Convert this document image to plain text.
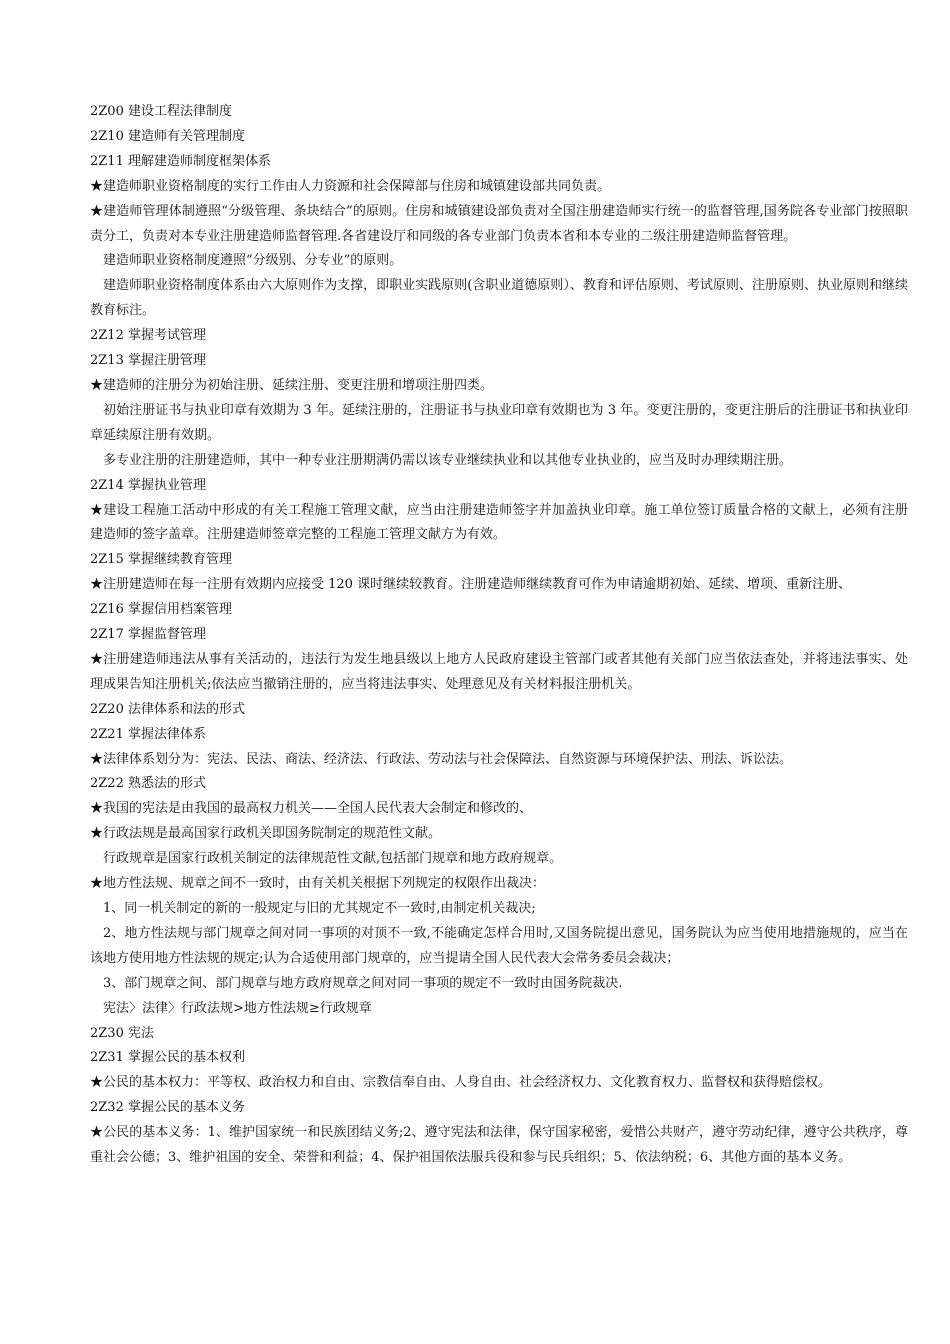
2Z00 建设工程法律制度

2Z10 建造师有关管理制度

2Z11 理解建造师制度框架体系

★建造师职业资格制度的实行工作由人力资源和社会保障部与住房和城镇建设部共同负责。

★建造师管理体制遵照“分级管理、条块结合”的原则。住房和城镇建设部负责对全国注册建造师实行统一的监督管理,国务院各专业部门按照职责分工，负责对本专业注册建造师监督管理.各省建设厅和同级的各专业部门负责本省和本专业的二级注册建造师监督管理。

建造师职业资格制度遵照“分级别、分专业”的原则。

建造师职业资格制度体系由六大原则作为支撑，即职业实践原则(含职业道德原则）、教育和评估原则、考试原则、注册原则、执业原则和继续教育标注。

2Z12 掌握考试管理

2Z13 掌握注册管理

★建造师的注册分为初始注册、延续注册、变更注册和增项注册四类。

初始注册证书与执业印章有效期为 3 年。延续注册的，注册证书与执业印章有效期也为 3 年。变更注册的，变更注册后的注册证书和执业印章延续原注册有效期。

多专业注册的注册建造师，其中一种专业注册期满仍需以该专业继续执业和以其他专业执业的，应当及时办理续期注册。

2Z14 掌握执业管理

★建设工程施工活动中形成的有关工程施工管理文献，应当由注册建造师签字并加盖执业印章。施工单位签订质量合格的文献上，必须有注册建造师的签字盖章。注册建造师签章完整的工程施工管理文献方为有效。

2Z15 掌握继续教育管理

★注册建造师在每一注册有效期内应接受 120 课时继续较教育。注册建造师继续教育可作为申请逾期初始、延续、增项、重新注册、

2Z16 掌握信用档案管理

2Z17 掌握监督管理

★注册建造师违法从事有关活动的，违法行为发生地县级以上地方人民政府建设主管部门或者其他有关部门应当依法查处，并将违法事实、处理成果告知注册机关;依法应当撤销注册的，应当将违法事实、处理意见及有关材料报注册机关。

2Z20 法律体系和法的形式

2Z21 掌握法律体系

★法律体系划分为：宪法、民法、商法、经济法、行政法、劳动法与社会保障法、自然资源与环境保护法、刑法、诉讼法。

2Z22 熟悉法的形式

★我国的宪法是由我国的最高权力机关——全国人民代表大会制定和修改的、

★行政法规是最高国家行政机关即国务院制定的规范性文献。

行政规章是国家行政机关制定的法律规范性文献,包括部门规章和地方政府规章。

★地方性法规、规章之间不一致时，由有关机关根据下列规定的权限作出裁决：

1、同一机关制定的新的一般规定与旧的尤其规定不一致时,由制定机关裁决;

2、地方性法规与部门规章之间对同一事项的对顶不一致,不能确定怎样合用时,又国务院提出意见，国务院认为应当使用地措施规的，应当在该地方使用地方性法规的规定;认为合适使用部门规章的，应当提请全国人民代表大会常务委员会裁决；

3、部门规章之间、部门规章与地方政府规章之间对同一事项的规定不一致时由国务院裁决.

宪法〉法律〉行政法规>地方性法规≥行政规章

2Z30 宪法

2Z31 掌握公民的基本权利

★公民的基本权力：平等权、政治权力和自由、宗教信奉自由、人身自由、社会经济权力、文化教育权力、监督权和获得赔偿权。

2Z32 掌握公民的基本义务

★公民的基本义务：1、维护国家统一和民族团结义务;2、遵守宪法和法律，保守国家秘密，爱惜公共财产，遵守劳动纪律，遵守公共秩序，尊重社会公德；3、维护祖国的安全、荣誉和利益；4、保护祖国依法服兵役和参与民兵组织；5、依法纳税；6、其他方面的基本义务。
